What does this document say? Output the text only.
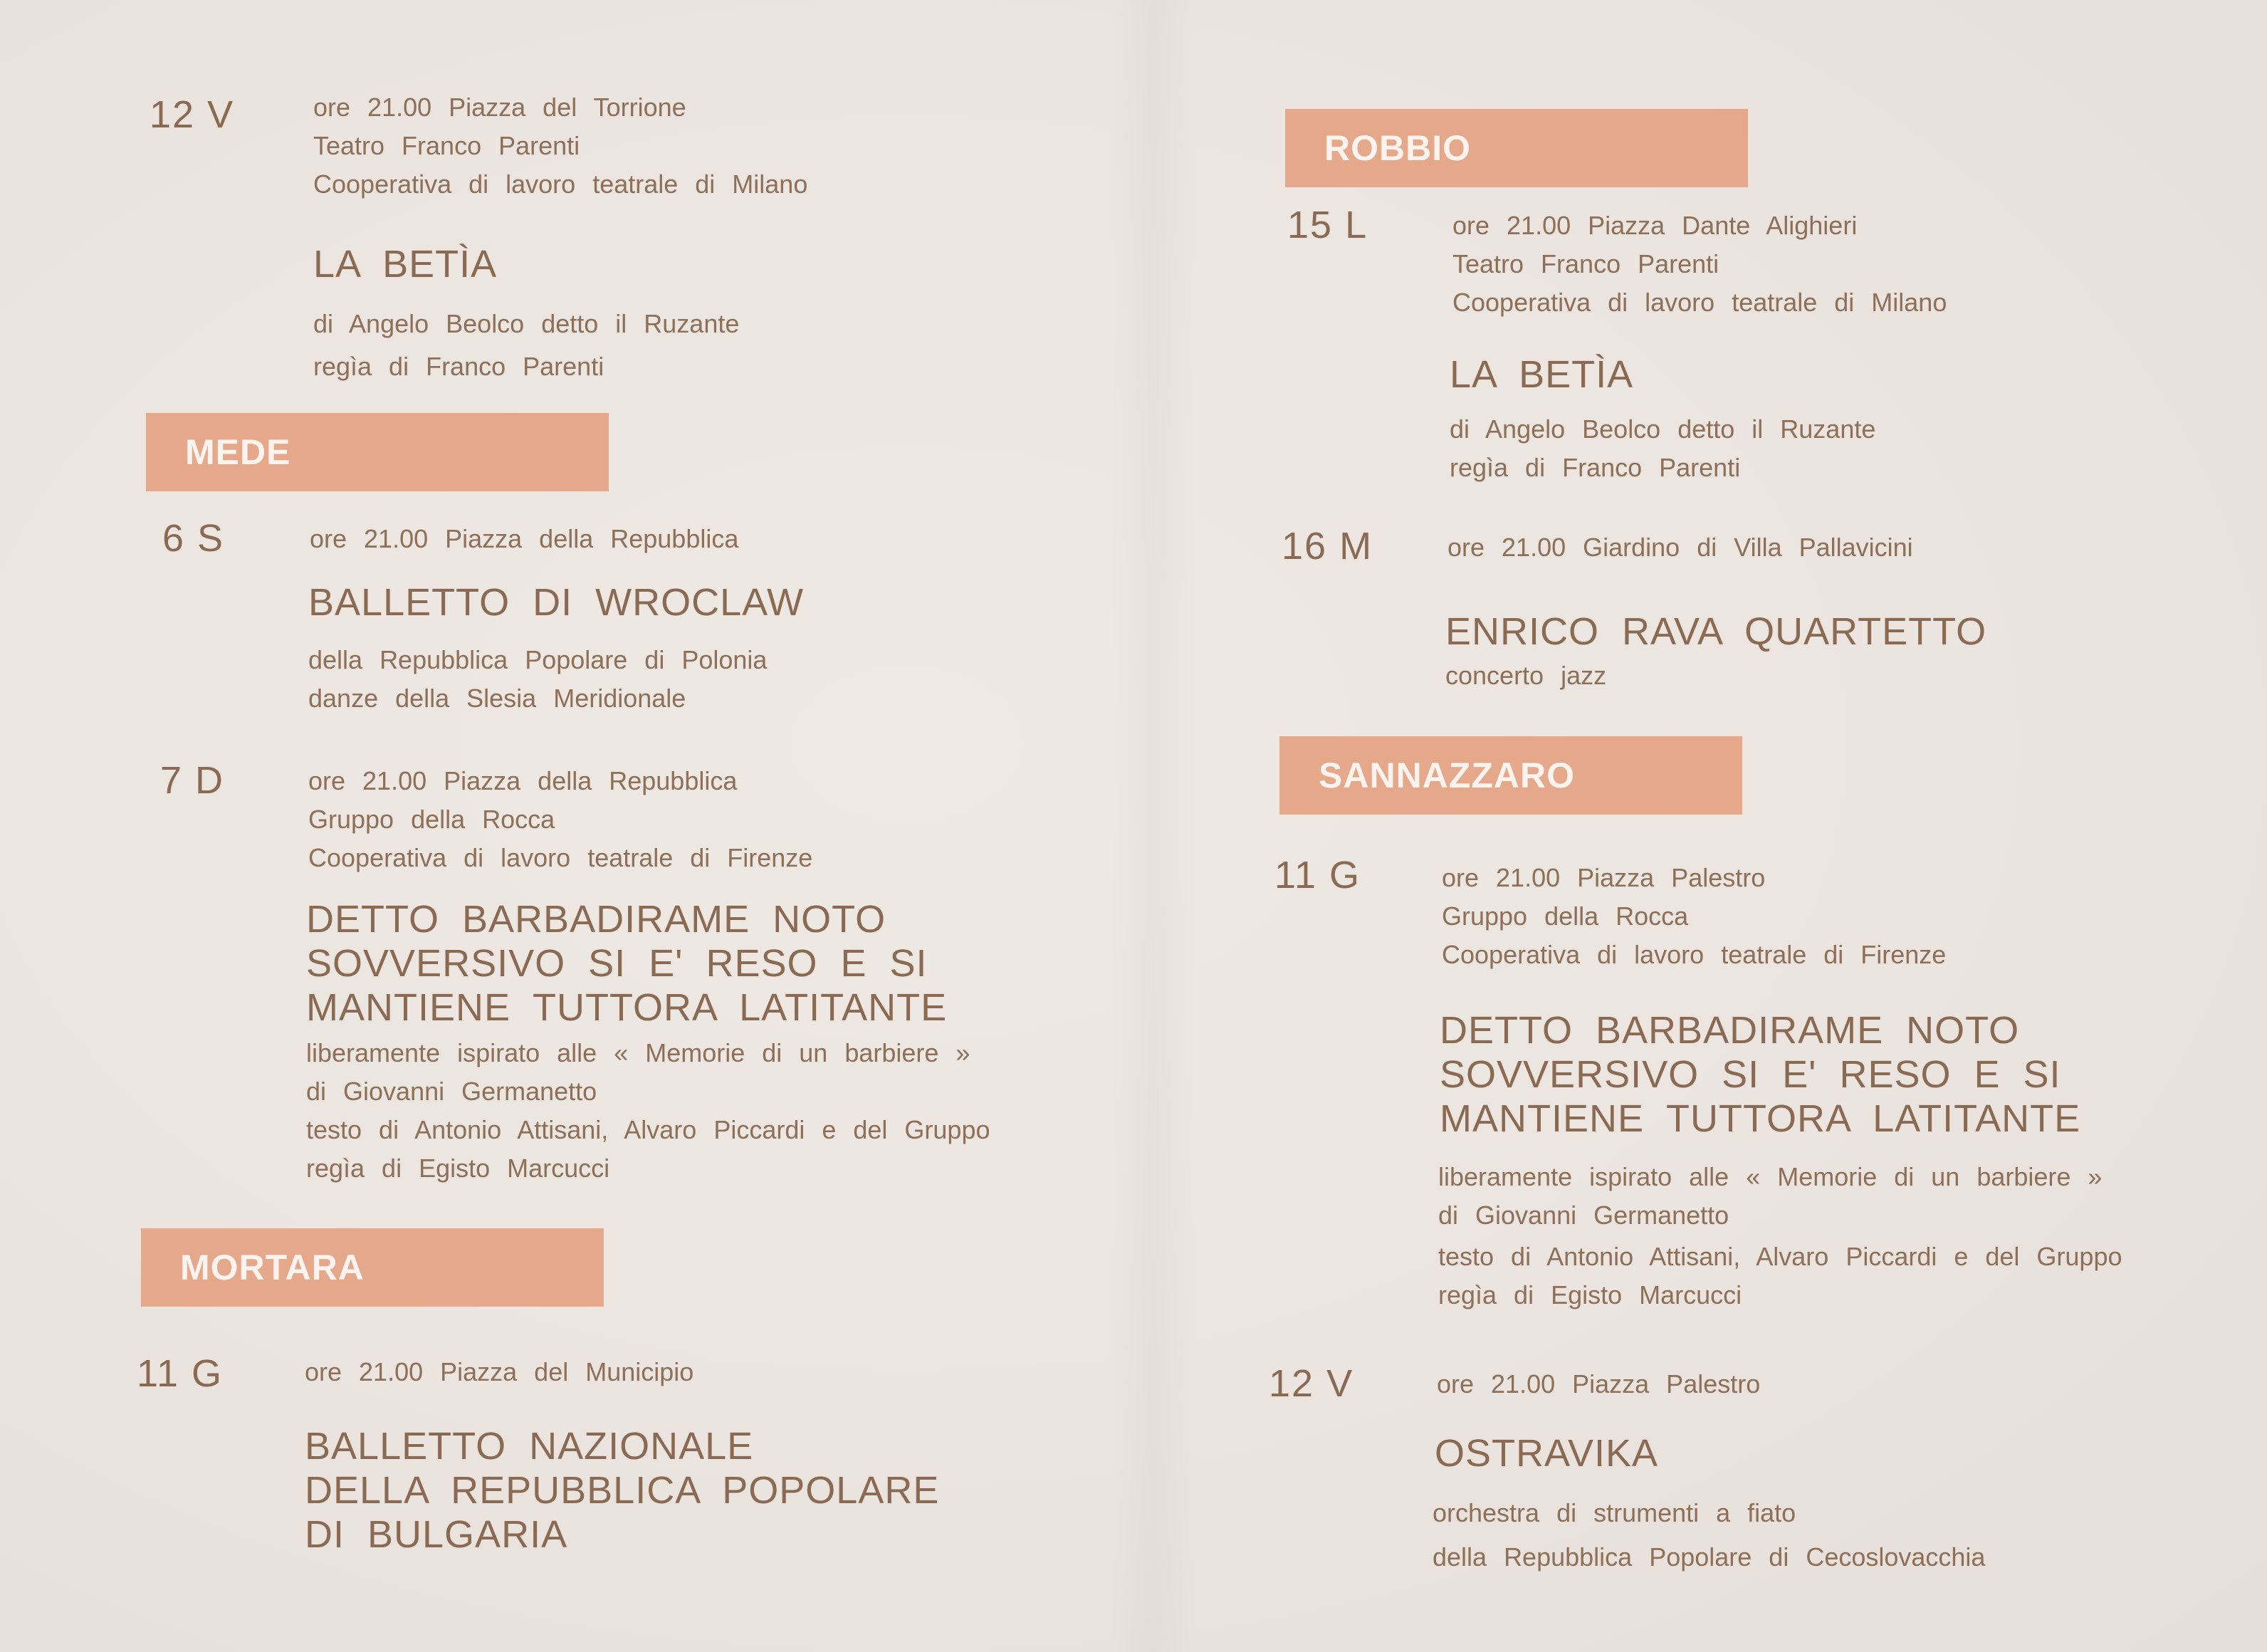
12 V	ore 21.00 Piazza del Torrione
Teatro Franco Parenti
Cooperativa di lavoro teatrale di Milano
LA BETÌA
di Angelo Beolco detto il Ruzante
regìa di Franco Parenti
MEDE
6 S	ore 21.00 Piazza della Repubblica
BALLETTO DI WROCLAW
della Repubblica Popolare di Polonia
danze della Slesia Meridionale
7 D	ore 21.00 Piazza della Repubblica
Gruppo della Rocca
Cooperativa di lavoro teatrale di Firenze
DETTO BARBADIRAME NOTO
SOVVERSIVO SI E' RESO E SI
MANTIENE TUTTORA LATITANTE
liberamente ispirato alle « Memorie di un barbiere »
di Giovanni Germanetto
testo di Antonio Attisani, Alvaro Piccardi e del Gruppo
regìa di Egisto Marcucci
MORTARA
11 G	ore 21.00 Piazza del Municipio
BALLETTO NAZIONALE
DELLA REPUBBLICA POPOLARE
DI BULGARIA
ROBBIO
15 L	ore 21.00 Piazza Dante Alighieri
Teatro Franco Parenti
Cooperativa di lavoro teatrale di Milano
LA BETÌA
di Angelo Beolco detto il Ruzante
regìa di Franco Parenti
16 M	ore 21.00 Giardino di Villa Pallavicini
ENRICO RAVA QUARTETTO
concerto jazz
SANNAZZARO
11 G	ore 21.00 Piazza Palestro
Gruppo della Rocca
Cooperativa di lavoro teatrale di Firenze
DETTO BARBADIRAME NOTO
SOVVERSIVO SI E' RESO E SI
MANTIENE TUTTORA LATITANTE
liberamente ispirato alle « Memorie di un barbiere »
di Giovanni Germanetto
testo di Antonio Attisani, Alvaro Piccardi e del Gruppo
regìa di Egisto Marcucci
12 V	ore 21.00 Piazza Palestro
OSTRAVIKA
orchestra di strumenti a fiato
della Repubblica Popolare di Cecoslovacchia
